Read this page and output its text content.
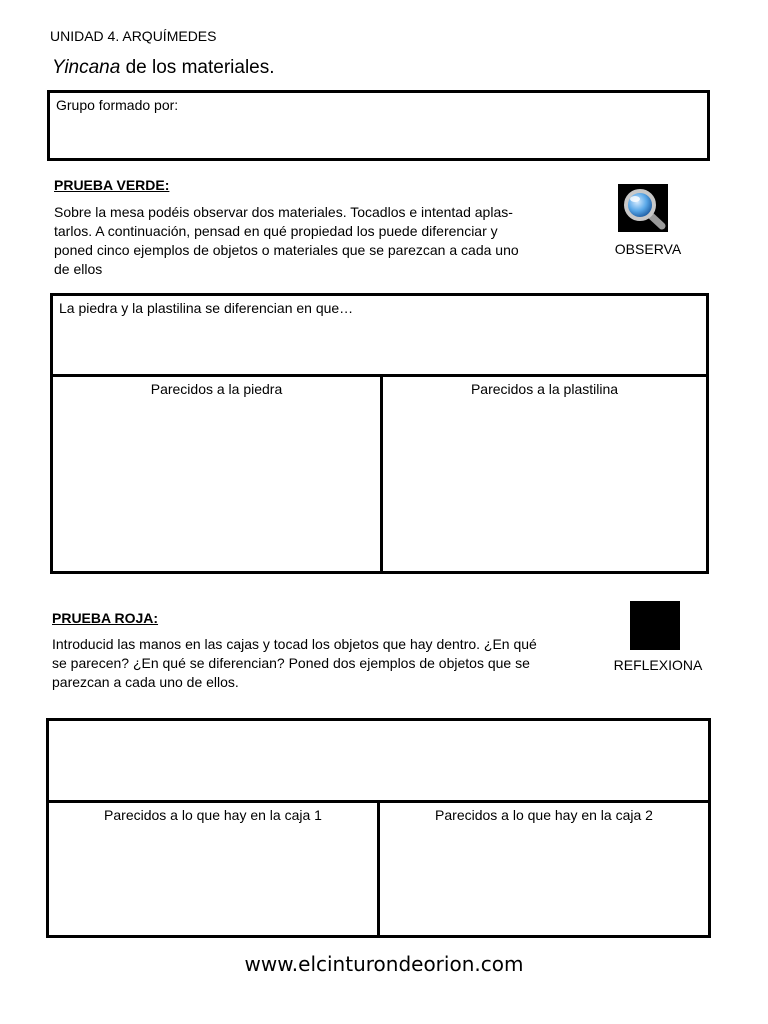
UNIDAD 4. ARQUÍMEDES
Yincana de los materiales.
Grupo formado por:
PRUEBA VERDE:
Sobre la mesa podéis observar dos materiales. Tocadlos e intentad aplas-
tarlos. A continuación, pensad en qué propiedad los puede diferenciar y
poned cinco ejemplos de objetos o materiales que se parezcan a cada uno
de ellos
OBSERVA
La piedra y la plastilina se diferencian en que…
Parecidos a la piedra	Parecidos a la plastilina
PRUEBA ROJA:
Introducid las manos en las cajas y tocad los objetos que hay dentro. ¿En qué
se parecen? ¿En qué se diferencian? Poned dos ejemplos de objetos que se
parezcan a cada uno de ellos.
REFLEXIONA
Parecidos a lo que hay en la caja 1	Parecidos a lo que hay en la caja 2
www.elcinturondeorion.com
